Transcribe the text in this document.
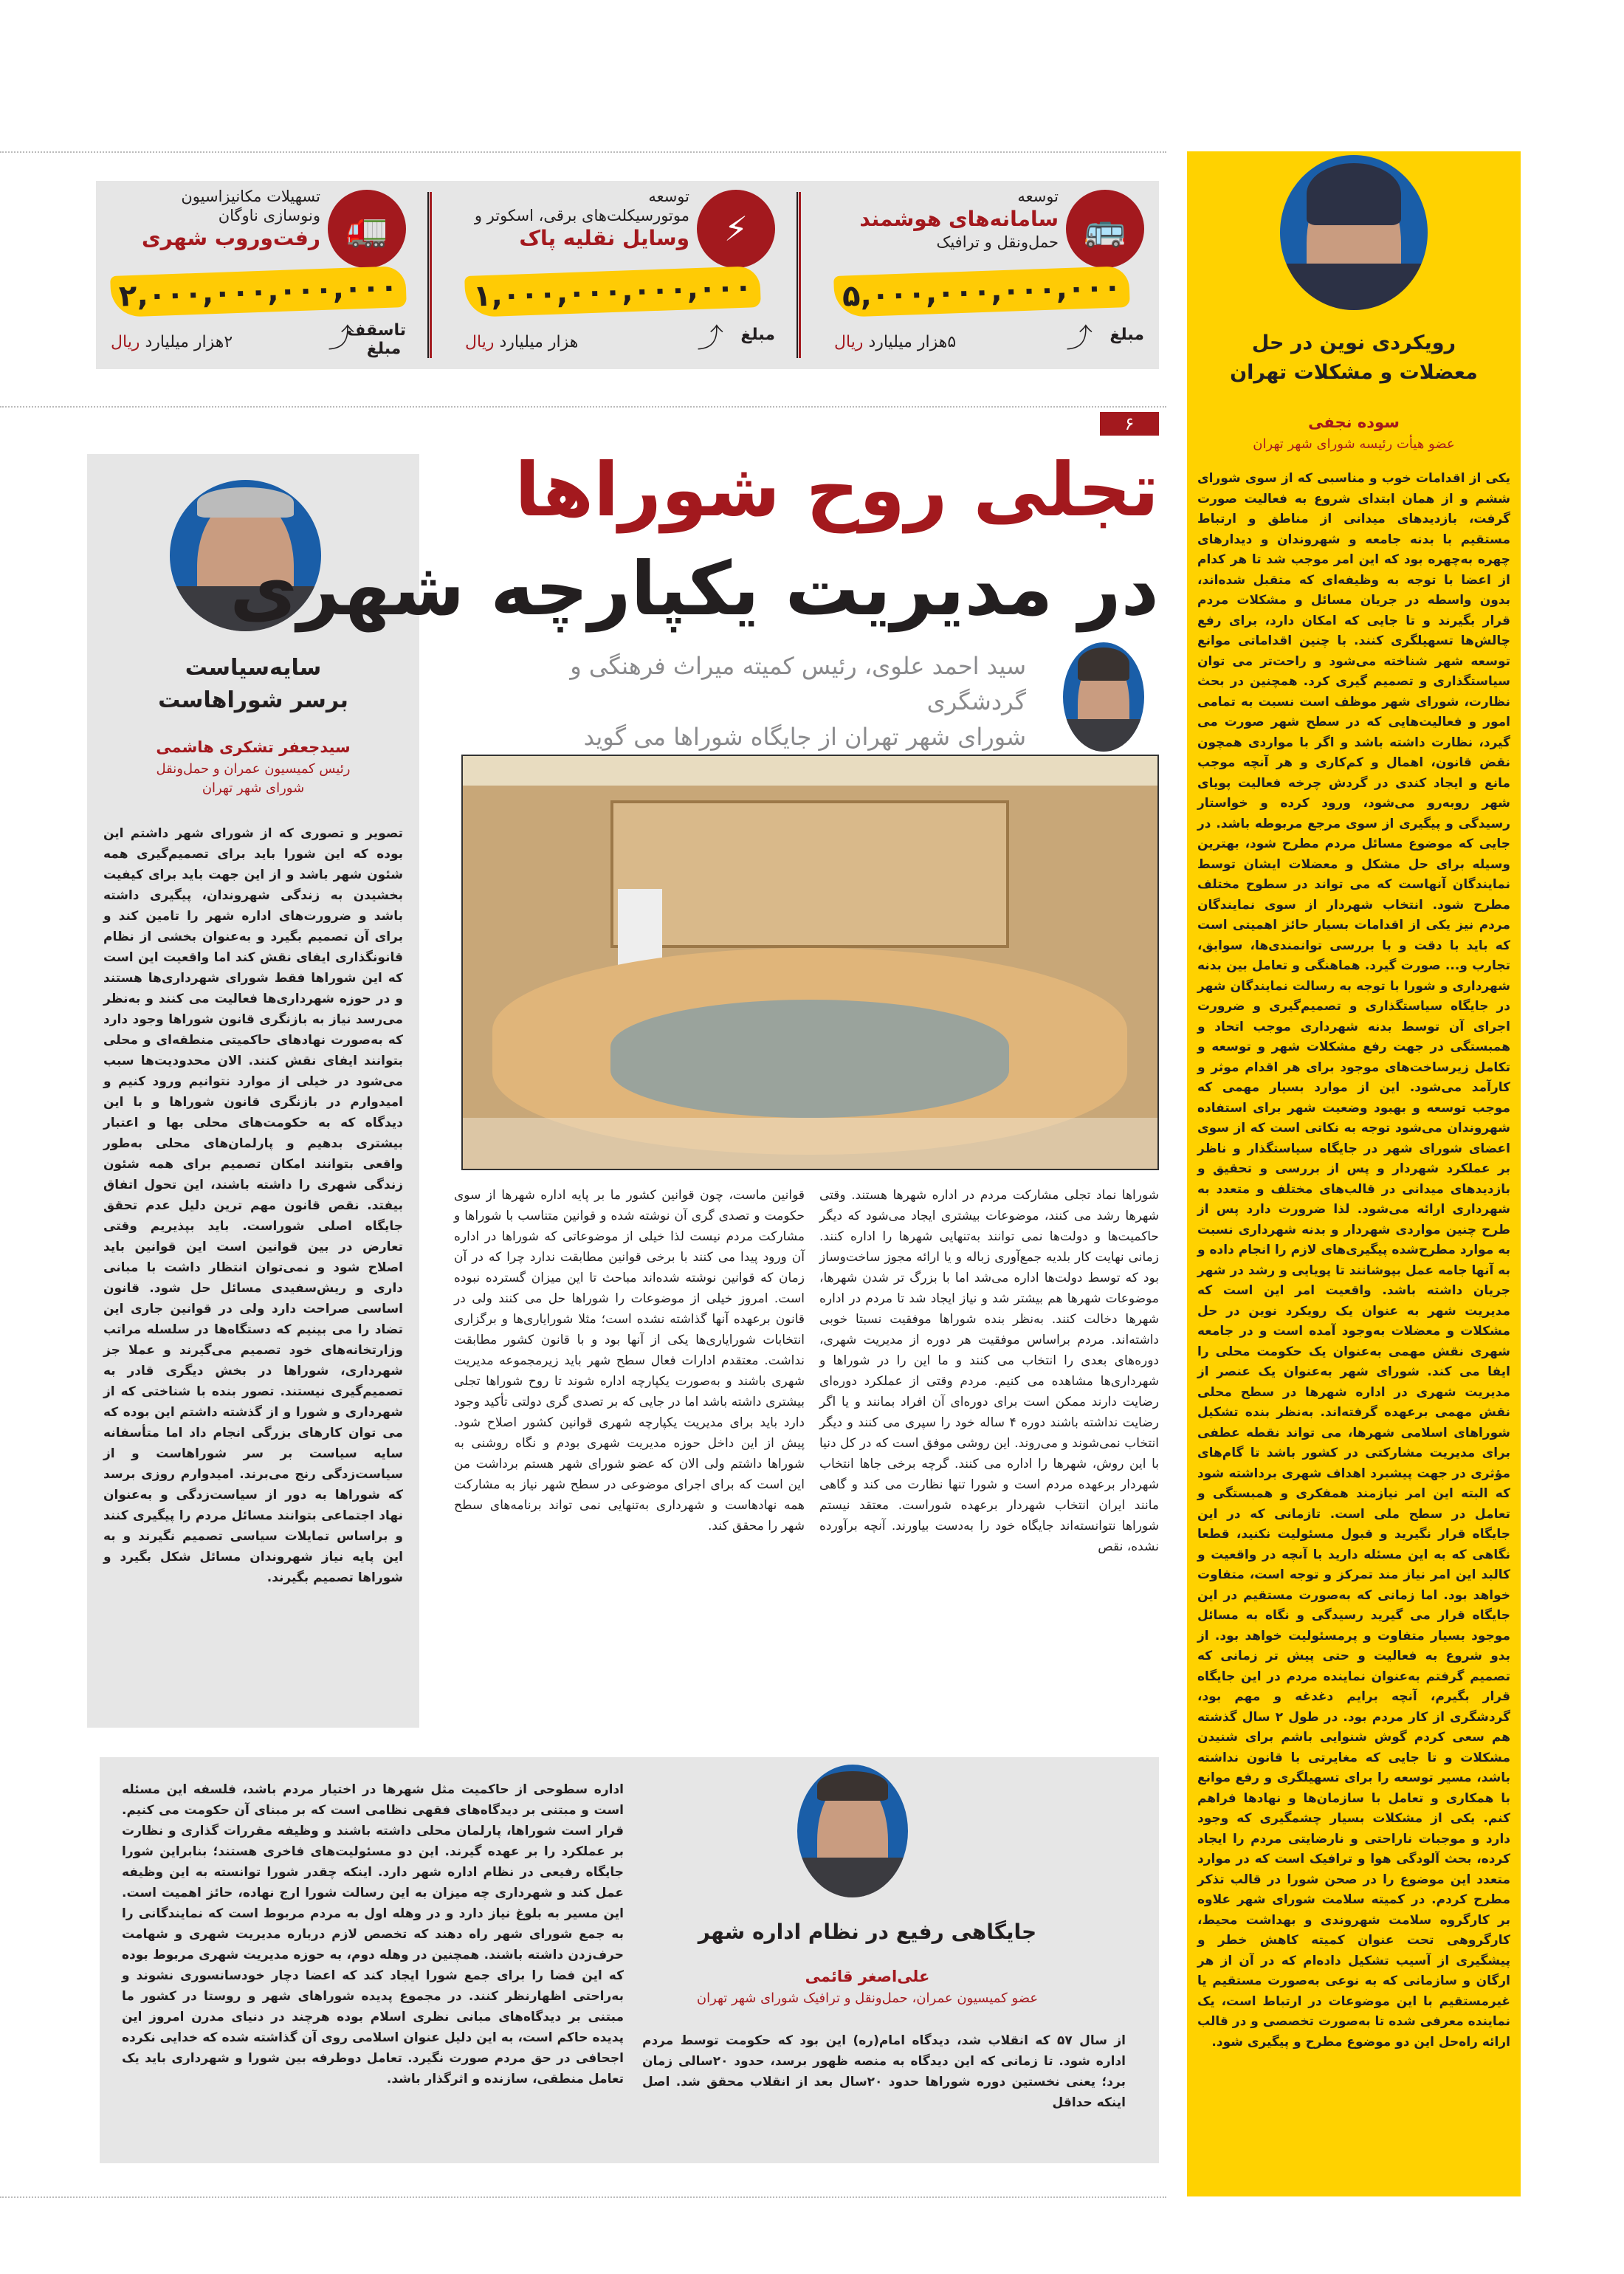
🚌
توسعه
سامانه‌های هوشمند
حمل‌ونقل و ترافیک
۵,۰۰۰,۰۰۰,۰۰۰,۰۰۰
⤴ مبلغ
۵هزار میلیارد ریال
⚡
توسعه
موتورسیکلت‌های برقی، اسکوتر و
وسایل نقلیه پاک
۱,۰۰۰,۰۰۰,۰۰۰,۰۰۰
⤴ مبلغ
هزار میلیارد ریال
🚛
تسهیلات مکانیزاسیون
ونوسازی ناوگان
رفت‌وروب شهری
۲,۰۰۰,۰۰۰,۰۰۰,۰۰۰
⤴
تاسقف مبلغ
۲هزار میلیارد ریال
۶
تجلی روح شوراها
در مدیریت یکپارچه شهری
سید احمد علوی، رئیس کمیته میراث فرهنگی و گردشگری
شورای شهر تهران از جایگاه شوراها می گوید

شوراها نماد تجلی مشارکت مردم در اداره شهرها هستند. وقتی شهرها رشد می کنند، موضوعات بیشتری ایجاد می‌شود که دیگر حاکمیت‌ها و دولت‌ها نمی توانند به‌تنهایی شهرها را اداره کنند. زمانی نهایت کار بلدیه جمع‌آوری زباله و یا ارائه مجوز ساخت‌وساز بود که توسط دولت‌ها اداره می‌شد اما با بزرگ تر شدن شهرها، موضوعات شهرها هم بیشتر شد و نیاز ایجاد شد تا مردم در اداره شهرها دخالت کنند. به‌نظر بنده شوراها موفقیت نسبتا خوبی داشته‌اند. مردم براساس موفقیت هر دوره از مدیریت شهری، دوره‌های بعدی را انتخاب می کنند و ما این را در شوراها و شهرداری‌ها مشاهده می کنیم. مردم وقتی از عملکرد دوره‌ای رضایت دارند ممکن است برای دوره‌ای آن افراد بمانند و یا اگر رضایت نداشته باشند دوره ۴ ساله خود را سپری می کنند و دیگر انتخاب نمی‌شوند و می‌روند. این روشی موفق است که در کل دنیا با این روش، شهرها را اداره می کنند. گرچه برخی جاها انتخاب شهردار برعهده مردم است و شورا تنها نظارت می کند و گاهی مانند ایران انتخاب شهردار برعهده شوراست. معتقد نیستم شوراها نتوانسته‌اند جایگاه خود را به‌دست بیاورند. آنچه برآورده نشده، نقص

قوانین ماست، چون قوانین کشور ما بر پایه اداره شهرها از سوی حکومت و تصدی گری آن نوشته شده و قوانین متناسب با شوراها و مشارکت مردم نیست لذا خیلی از موضوعاتی که شوراها در اداره آن ورود پیدا می کنند با برخی قوانین مطابقت ندارد چرا که در آن زمان که قوانین نوشته شده‌اند مباحث تا این میزان گسترده نبوده است. امروز خیلی از موضوعات را شوراها حل می کنند ولی در قانون برعهده آنها گذاشته نشده است؛ مثلا شورایاری‌ها و برگزاری انتخابات شورایاری‌ها یکی از آنها بود و با قانون کشور مطابقت نداشت. معتقدم ادارات فعال سطح شهر باید زیرمجموعه مدیریت شهری باشند و به‌صورت یکپارچه اداره شوند تا روح شوراها تجلی بیشتری داشته باشد اما در جایی که بر تصدی گری دولتی تأکید وجود دارد باید برای مدیریت یکپارچه شهری قوانین کشور اصلاح شود. پیش از این داخل حوزه مدیریت شهری بودم و نگاه روشنی به شوراها داشتم ولی الان که عضو شورای شهر هستم برداشت من این است که برای اجرای موضوعی در سطح شهر نیاز به مشارکت همه نهادهاست و شهرداری به‌تنهایی نمی تواند برنامه‌های سطح شهر را محقق کند.

رویکردی نوین در حل
معضلات و مشکلات تهران
سوده نجفی
عضو هیأت رئیسه شورای شهر تهران

یکی از اقدامات خوب و مناسبی که از سوی شورای ششم و از همان ابتدای شروع به فعالیت صورت گرفت، بازدیدهای میدانی از مناطق و ارتباط مستقیم با بدنه جامعه و شهروندان و دیدارهای چهره به‌چهره بود که این امر موجب شد تا هر کدام از اعضا با توجه به وظیفه‌ای که متقبل شده‌اند، بدون واسطه در جریان مسائل و مشکلات مردم قرار بگیرند و تا جایی که امکان دارد، برای رفع چالش‌ها تسهیلگری کنند. با چنین اقداماتی موانع توسعه شهر شناخته می‌شود و راحت‌تر می توان سیاستگذاری و تصمیم گیری کرد. همچنین در بحث نظارت، شورای شهر موظف است نسبت به تمامی امور و فعالیت‌هایی که در سطح شهر صورت می گیرد، نظارت داشته باشد و اگر با مواردی همچون نقض قانون، اهمال و کم‌کاری و هر آنچه موجب مانع و ایجاد کندی در گردش چرخه فعالیت پویای شهر روبه‌رو می‌شود، ورود کرده و خواستار رسیدگی و پیگیری از سوی مرجع مربوطه باشد. در جایی که موضوع مسائل مردم مطرح شود، بهترین وسیله برای حل مشکل و معضلات ایشان توسط نمایندگان آنهاست که می تواند در سطوح مختلف مطرح شود. انتخاب شهردار از سوی نمایندگان مردم نیز یکی از اقدامات بسیار حائز اهمیتی است که باید با دقت و با بررسی توانمندی‌ها، سوابق، تجارب و... صورت گیرد. هماهنگی و تعامل بین بدنه شهرداری و شورا با توجه به رسالت نمایندگان شهر در جایگاه سیاستگذاری و تصمیم‌گیری و ضرورت اجرای آن توسط بدنه شهرداری موجب اتحاد و همبستگی در جهت رفع مشکلات شهر و توسعه و تکامل زیرساخت‌های موجود برای هر اقدام موثر و کارآمد می‌شود. این از موارد بسیار مهمی که موجب توسعه و بهبود وضعیت شهر برای استفاده شهروندان می‌شود توجه به نکاتی است که از سوی اعضای شورای شهر در جایگاه سیاستگذار و ناظر بر عملکرد شهردار و پس از بررسی و تحقیق و بازدیدهای میدانی در قالب‌های مختلف و متعدد به شهرداری ارائه می‌شود. لذا ضرورت دارد پس از طرح چنین مواردی شهردار و بدنه شهرداری نسبت به موارد مطرح‌شده پیگیری‌های لازم را انجام داده و به آنها جامه عمل بپوشانند تا پویایی و رشد در شهر جریان داشته باشد. واقعیت امر این است که مدیریت شهر به عنوان یک رویکرد نوین در حل مشکلات و معضلات به‌وجود آمده است و در جامعه شهری نقش مهمی به‌عنوان یک حکومت محلی را ایفا می کند. شورای شهر به‌عنوان یک عنصر از مدیریت شهری در اداره شهرها در سطح محلی نقش مهمی برعهده گرفته‌اند. به‌نظر بنده تشکیل شوراهای اسلامی شهرها، می تواند نقطه عطفی برای مدیریت مشارکتی در کشور باشد تا گام‌های مؤثری در جهت پیشبرد اهداف شهری برداشته شود که البته این امر نیازمند همفکری و همبستگی و تعامل در سطح ملی است. تازمانی که در این جایگاه قرار نگیرید و قبول مسئولیت نکنید، قطعا نگاهی که به این مسئله دارید با آنچه در واقعیت و کالبد این امر نیاز مند تمرکز و توجه است، متفاوت خواهد بود. اما زمانی که به‌صورت مستقیم در این جایگاه قرار می گیرید رسیدگی و نگاه به مسائل موجود بسیار متفاوت و پرمسئولیت خواهد بود. از بدو شروع به فعالیت و حتی پیش تر زمانی که تصمیم گرفتم به‌عنوان نماینده مردم در این جایگاه قرار بگیرم، آنچه برایم دغدغه و مهم بود، گردشگری از کار مردم بود. در طول ۲ سال گذشته هم سعی کردم گوش شنوایی باشم برای شنیدن مشکلات و تا جایی که مغایرتی با قانون نداشته باشد، مسیر توسعه را برای تسهیلگری و رفع موانع با همکاری و تعامل با سازمان‌ها و نهادها فراهم کنم. یکی از مشکلات بسیار چشمگیری که وجود دارد و موجبات ناراحتی و نارضایتی مردم را ایجاد کرده، بحث آلودگی هوا و ترافیک است که در موارد متعدد این موضوع را در صحن شورا در قالب تذکر مطرح کردم. در کمیته سلامت شورای شهر علاوه بر کارگروه سلامت شهروندی و بهداشت محیط، کارگروهی تحت عنوان کمیته کاهش خطر و پیشگیری از آسیب تشکیل داده‌ام که در آن از هر ارگان و سازمانی که به نوعی به‌صورت مستقیم یا غیرمستقیم با این موضوعات در ارتباط است، یک نماینده معرفی شده تا به‌صورت تخصصی و در قالب ارائه راه‌حل این دو موضوع مطرح و پیگیری شود.

سایه‌سیاست
برسر شوراهاست
سیدجعفر تشکری هاشمی
رئیس کمیسیون عمران و حمل‌ونقل
شورای شهر تهران

تصویر و تصوری که از شورای شهر داشتم این بوده که این شورا باید برای تصمیم‌گیری همه شئون شهر باشد و از این جهت باید برای کیفیت بخشیدن به زندگی شهروندان، پیگیری داشته باشد و ضرورت‌های اداره شهر را تامین کند و برای آن تصمیم بگیرد و به‌عنوان بخشی از نظام قانونگذاری ایفای نقش کند اما واقعیت این است که این شوراها فقط شورای شهرداری‌ها هستند و در حوزه شهرداری‌ها فعالیت می کنند و به‌نظر می‌رسد نیاز به بازنگری قانون شوراها وجود دارد که به‌صورت نهادهای حاکمیتی منطقه‌ای و محلی بتوانند ایفای نقش کنند. الان محدودیت‌ها سبب می‌شود در خیلی از موارد نتوانیم ورود کنیم و امیدوارم در بازنگری قانون شوراها و با این دیدگاه که به حکومت‌های محلی بها و اعتبار بیشتری بدهیم و پارلمان‌های محلی به‌طور واقعی بتوانند امکان تصمیم برای همه شئون زندگی شهری را داشته باشند، این تحول اتفاق بیفتد. نقص قانون مهم ترین دلیل عدم تحقق جایگاه اصلی شوراست. باید بپذیریم وقتی تعارض در بین قوانین است این قوانین باید اصلاح شود و نمی‌توان انتظار داشت با مبانی داری و ریش‌سفیدی مسائل حل شود. قانون اساسی صراحت دارد ولی در قوانین جاری این تضاد را می بینیم که دستگاه‌ها در سلسله مراتب وزارتخانه‌های خود تصمیم می‌گیرند و عملا جز شهرداری، شوراها در بخش دیگری قادر به تصمیم‌گیری نیستند. تصور بنده با شناختی که از شهرداری و شورا و از گذشته داشتم این بوده که می توان کارهای بزرگی انجام داد اما متأسفانه سایه سیاست بر سر شوراهاست و از سیاست‌زدگی رنج می‌برند. امیدوارم روزی برسد که شوراها به دور از سیاست‌زدگی و به‌عنوان نهاد اجتماعی بتوانند مسائل مردم را پیگیری کنند و براساس تمایلات سیاسی تصمیم نگیرند و به این پایه نیاز شهروندان مسائل شکل بگیرد و شوراها تصمیم بگیرند.

جایگاهی رفیع در نظام اداره شهر
علی‌اصغر قائمی
عضو کمیسیون عمران، حمل‌ونقل و ترافیک شورای شهر تهران

از سال ۵۷ که انقلاب شد، دیدگاه امام(ره) این بود که حکومت توسط مردم اداره شود. تا زمانی که این دیدگاه به منصه ظهور برسد، حدود ۲۰سالی زمان برد؛ یعنی نخستین دوره شوراها حدود ۲۰سال بعد از انقلاب محقق شد. اصل اینکه حداقل

اداره سطوحی از حاکمیت مثل شهرها در اختیار مردم باشد، فلسفه این مسئله است و مبتنی بر دیدگاه‌های فقهی نظامی است که بر مبنای آن حکومت می کنیم. قرار است شوراها، پارلمان محلی داشته باشند و وظیفه مقررات گذاری و نظارت بر عملکرد را بر عهده گیرند. این دو مسئولیت‌های فاخری هستند؛ بنابراین شورا جایگاه رفیعی در نظام اداره شهر دارد. اینکه چقدر شورا توانسته به این وظیفه عمل کند و شهرداری چه میزان به این رسالت شورا ارج نهاده، حائز اهمیت است. این مسیر به بلوغ نیاز دارد و در وهله اول به مردم مربوط است که نمایندگانی را به جمع شورای شهر راه دهند که تخصص لازم درباره مدیریت شهری و شهامت حرف‌زدن داشته باشند. همچنین در وهله دوم، به حوزه مدیریت شهری مربوط بوده که این فضا را برای جمع شورا ایجاد کند که اعضا دچار خودسانسوری نشوند و به‌راحتی اظهارنظر کنند. در مجموع پدیده شوراهای شهر و روستا در کشور ما مبتنی بر دیدگاه‌های مبانی نظری اسلام بوده هرچند در دنیای مدرن امروز این پدیده حاکم است، به این دلیل عنوان اسلامی روی آن گذاشته شده که خدایی نکرده اجحافی در حق مردم صورت نگیرد. تعامل دوطرفه بین شورا و شهرداری باید یک تعامل منطقی، سازنده و اثرگذار باشد.
